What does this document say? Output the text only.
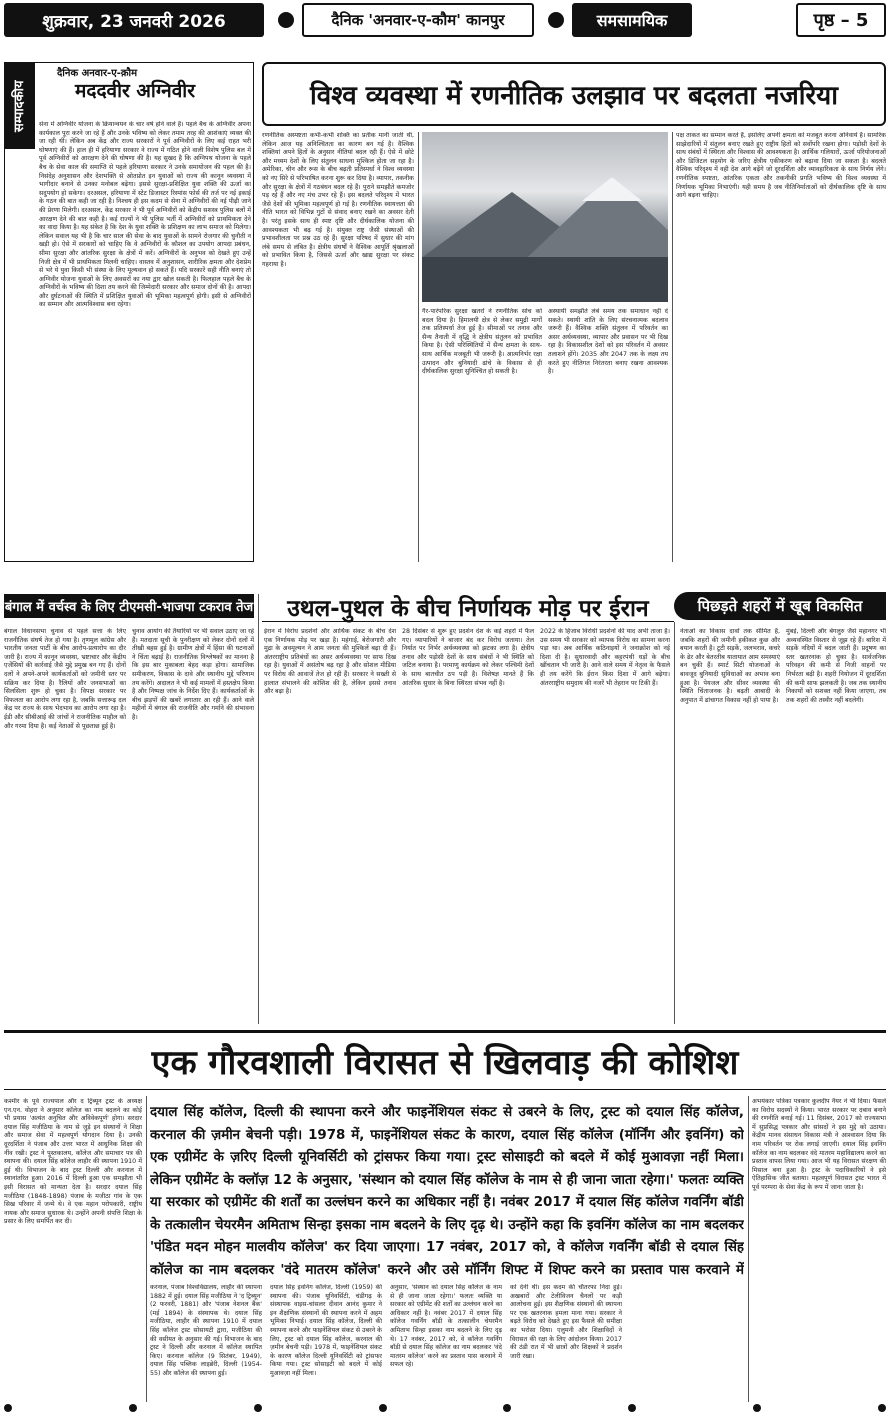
शुक्रवार, 23 जनवरी 2026	दैनिक 'अनवार-ए-कौम' कानपुर	समसामयिक	पृष्ठ – 5
सम्पादकीय
दैनिक अनवार-ए-क़ौम
मददवीर अग्निवीर
सेना में अग्निवीर योजना के क्रियान्वयन के चार वर्ष होने वाले हैं। पहले बैच के अग्निवीर अपना कार्यकाल पूरा करने जा रहे हैं और उनके भविष्य को लेकर तमाम तरह की आशंकाएं व्यक्त की जा रही थीं। लेकिन अब केंद्र और राज्य सरकारों ने पूर्व अग्निवीरों के लिए कई राहत भरी घोषणाएं की हैं। हाल ही में हरियाणा सरकार ने राज्य में गठित होने वाली विशेष पुलिस बल में पूर्व अग्निवीरों को आरक्षण देने की घोषणा की है। यह सुखद है कि अग्निपथ योजना के पहले बैच के सेवा काल की समाप्ति से पहले हरियाणा सरकार ने उनके समायोजन की पहल की है। निसंदेह अनुशासन और देशभक्ति से ओतप्रोत इन युवाओं को राज्य की कानून व्यवस्था में भागीदार बनाने से उनका मनोबल बढ़ेगा। इससे सुरक्षा-प्रशिक्षित युवा शक्ति की ऊर्जा का सदुपयोग हो सकेगा। दरअसल, हरियाणा में स्टेट डिजास्टर रिस्पांस फोर्स की तर्ज पर नई इकाई के गठन की बात कही जा रही है। निश्चय ही इस कदम से सेना में अग्निवीरों की नई पीढ़ी जाने की प्रेरणा मिलेगी। दरअसल, केंद्र सरकार ने भी पूर्व अग्निवीरों को केंद्रीय सशस्त्र पुलिस बलों में आरक्षण देने की बात कही है। कई राज्यों ने भी पुलिस भर्ती में अग्निवीरों को प्राथमिकता देने का वादा किया है। यह संकेत है कि देश के युवा शक्ति के प्रशिक्षण का लाभ समाज को मिलेगा। लेकिन सवाल यह भी है कि चार साल की सेवा के बाद युवाओं के सामने रोजगार की चुनौती न खड़ी हो। ऐसे में सरकारों को चाहिए कि वे अग्निवीरों के कौशल का उपयोग आपदा प्रबंधन, सीमा सुरक्षा और आंतरिक सुरक्षा के क्षेत्रों में करें। अग्निवीरों के अनुभव को देखते हुए उन्हें निजी क्षेत्र में भी प्राथमिकता मिलनी चाहिए। वास्तव में अनुशासन, शारीरिक क्षमता और देशप्रेम से भरे ये युवा किसी भी संस्था के लिए मूल्यवान हो सकते हैं। यदि सरकारें सही नीति बनाएं तो अग्निवीर योजना युवाओं के लिए अवसरों का नया द्वार खोल सकती है। फिलहाल पहले बैच के अग्निवीरों के भविष्य की दिशा तय करने की जिम्मेदारी सरकार और समाज दोनों की है। आपदा और दुर्घटनाओं की स्थिति में प्रशिक्षित युवाओं की भूमिका महत्वपूर्ण होगी। इसी से अग्निवीरों का सम्मान और आत्मविश्वास बना रहेगा।
विश्व व्यवस्था में रणनीतिक उलझाव पर बदलता नजरिया
रणनीतिक अस्पष्टता कभी-कभी शक्ति का प्रतीक मानी जाती थी, लेकिन आज यह अनिश्चितता का कारण बन गई है। वैश्विक शक्तियां अपने हितों के अनुसार नीतियां बदल रही हैं। ऐसे में छोटे और मध्यम देशों के लिए संतुलन साधना मुश्किल होता जा रहा है। अमेरिका, चीन और रूस के बीच बढ़ती प्रतिस्पर्धा ने विश्व व्यवस्था को नए सिरे से परिभाषित करना शुरू कर दिया है। व्यापार, तकनीक और सुरक्षा के क्षेत्रों में गठबंधन बदल रहे हैं। पुराने समझौते कमजोर पड़ रहे हैं और नए मंच उभर रहे हैं। इस बदलते परिदृश्य में भारत जैसे देशों की भूमिका महत्वपूर्ण हो गई है। रणनीतिक स्वायत्तता की नीति भारत को विभिन्न गुटों से संवाद बनाए रखने का अवसर देती है। परंतु इसके साथ ही स्पष्ट दृष्टि और दीर्घकालिक योजना की आवश्यकता भी बढ़ गई है। संयुक्त राष्ट्र जैसी संस्थाओं की प्रभावशीलता पर प्रश्न उठ रहे हैं। सुरक्षा परिषद में सुधार की मांग लंबे समय से लंबित है। क्षेत्रीय संघर्षों ने वैश्विक आपूर्ति श्रृंखलाओं को प्रभावित किया है, जिससे ऊर्जा और खाद्य सुरक्षा पर संकट गहराया है।
गैर-पारंपरिक सुरक्षा खतरों ने रणनीतिक सोच को बदल दिया है। हिमालयी क्षेत्र से लेकर समुद्री मार्गों तक प्रतिस्पर्धा तेज हुई है। सीमाओं पर तनाव और सैन्य तैनाती में वृद्धि ने क्षेत्रीय संतुलन को प्रभावित किया है। ऐसी परिस्थितियों में सैन्य क्षमता के साथ-साथ आर्थिक मजबूती भी जरूरी है। आत्मनिर्भर रक्षा उत्पादन और बुनियादी ढांचे के विकास से ही दीर्घकालिक सुरक्षा सुनिश्चित हो सकती है।
अस्थायी समझौते लंबे समय तक समाधान नहीं दे सकते। स्थायी शांति के लिए संरचनात्मक बदलाव जरूरी हैं। वैश्विक शक्ति संतुलन में परिवर्तन का असर अर्थव्यवस्था, व्यापार और प्रवासन पर भी दिख रहा है। विकासशील देशों को इस परिवर्तन में अवसर तलाशने होंगे। 2035 और 2047 तक के लक्ष्य तय करते हुए नीतिगत निरंतरता बनाए रखना आवश्यक है।
पक्ष ताकत का सम्मान करते हैं, इसलिए अपनी क्षमता को मजबूत करना अनिवार्य है। सामरिक साझेदारियों में संतुलन बनाए रखते हुए राष्ट्रीय हितों को सर्वोपरि रखना होगा। पड़ोसी देशों के साथ संबंधों में स्थिरता और विश्वास की आवश्यकता है। आर्थिक गलियारों, ऊर्जा परियोजनाओं और डिजिटल सहयोग के जरिए क्षेत्रीय एकीकरण को बढ़ावा दिया जा सकता है। बदलते वैश्विक परिदृश्य में वही देश आगे बढ़ेंगे जो दूरदर्शिता और व्यावहारिकता के साथ निर्णय लेंगे। रणनीतिक स्पष्टता, आंतरिक एकता और तकनीकी प्रगति भविष्य की विश्व व्यवस्था में निर्णायक भूमिका निभाएंगी। यही समय है जब नीतिनिर्माताओं को दीर्घकालिक दृष्टि के साथ आगे बढ़ना चाहिए।
बंगाल में वर्चस्व के लिए टीएमसी-भाजपा टकराव तेज	उथल-पुथल के बीच निर्णायक मोड़ पर ईरान	पिछड़ते शहरों में खूब विकसित
बंगाल विधानसभा चुनाव से पहले सत्ता के लिए राजनीतिक संघर्ष तेज हो गया है। तृणमूल कांग्रेस और भारतीय जनता पार्टी के बीच आरोप-प्रत्यारोप का दौर जारी है। राज्य में कानून व्यवस्था, भ्रष्टाचार और केंद्रीय एजेंसियों की कार्रवाई जैसे मुद्दे प्रमुख बन गए हैं। दोनों दलों ने अपने-अपने कार्यकर्ताओं को जमीनी स्तर पर सक्रिय कर दिया है। रैलियों और जनसभाओं का सिलसिला शुरू हो चुका है। विपक्ष सरकार पर विफलता का आरोप लगा रहा है, जबकि सत्तारूढ़ दल केंद्र पर राज्य के साथ भेदभाव का आरोप लगा रहा है। ईडी और सीबीआई की जांचों ने राजनीतिक माहौल को और गरमा दिया है। कई नेताओं से पूछताछ हुई है।
चुनाव आयोग की तैयारियों पर भी सवाल उठाए जा रहे हैं। मतदाता सूची के पुनरीक्षण को लेकर दोनों दलों में तीखी बहस हुई है। ग्रामीण क्षेत्रों में हिंसा की घटनाओं ने चिंता बढ़ाई है। राजनीतिक विश्लेषकों का मानना है कि इस बार मुकाबला बेहद कड़ा होगा। सामाजिक समीकरण, विकास के दावे और स्थानीय मुद्दे परिणाम तय करेंगे। अदालत ने भी कई मामलों में हस्तक्षेप किया है और निष्पक्ष जांच के निर्देश दिए हैं। कार्यकर्ताओं के बीच झड़पों की खबरें लगातार आ रही हैं। आने वाले महीनों में बंगाल की राजनीति और गर्माने की संभावना है।
ईरान में विरोध प्रदर्शनों और आर्थिक संकट के बीच देश एक निर्णायक मोड़ पर खड़ा है। महंगाई, बेरोजगारी और मुद्रा के अवमूल्यन ने आम जनता की मुश्किलें बढ़ा दी हैं। अंतरराष्ट्रीय प्रतिबंधों का असर अर्थव्यवस्था पर साफ दिख रहा है। युवाओं में असंतोष बढ़ रहा है और सोशल मीडिया पर विरोध की आवाजें तेज हो रही हैं। सरकार ने सख्ती से हालात संभालने की कोशिश की है, लेकिन इससे तनाव और बढ़ा है।
28 दिसंबर से शुरू हुए प्रदर्शन देश के कई शहरों में फैल गए। व्यापारियों ने बाजार बंद कर विरोध जताया। तेल निर्यात पर निर्भर अर्थव्यवस्था को झटका लगा है। क्षेत्रीय तनाव और पड़ोसी देशों के साथ संबंधों ने भी स्थिति को जटिल बनाया है। परमाणु कार्यक्रम को लेकर पश्चिमी देशों के साथ बातचीत ठप पड़ी है। विशेषज्ञ मानते हैं कि आंतरिक सुधार के बिना स्थिरता संभव नहीं है।
2022 के हिजाब विरोधी प्रदर्शनों की याद अभी ताजा है। उस समय भी सरकार को व्यापक विरोध का सामना करना पड़ा था। अब आर्थिक कठिनाइयों ने जनाक्रोश को नई दिशा दी है। सुधारवादी और कट्टरपंथी धड़ों के बीच खींचतान भी जारी है। आने वाले समय में नेतृत्व के फैसले ही तय करेंगे कि ईरान किस दिशा में आगे बढ़ेगा। अंतरराष्ट्रीय समुदाय की नजरें भी तेहरान पर टिकी हैं।
नेताओं का विकास दावों तक सीमित है, जबकि शहरों की जमीनी हकीकत कुछ और बयान करती है। टूटी सड़कें, जलभराव, कचरे के ढेर और बेतरतीब यातायात आम समस्याएं बन चुकी हैं। स्मार्ट सिटी योजनाओं के बावजूद बुनियादी सुविधाओं का अभाव बना हुआ है। पेयजल और सीवर व्यवस्था की स्थिति चिंताजनक है। बढ़ती आबादी के अनुपात में ढांचागत विकास नहीं हो पाया है।
मुंबई, दिल्ली और बेंगलुरु जैसे महानगर भी अव्यवस्थित विस्तार से जूझ रहे हैं। बारिश में सड़कें नदियों में बदल जाती हैं। प्रदूषण का स्तर खतरनाक हो चुका है। सार्वजनिक परिवहन की कमी से निजी वाहनों पर निर्भरता बढ़ी है। शहरी नियोजन में दूरदर्शिता की कमी साफ झलकती है। जब तक स्थानीय निकायों को सशक्त नहीं किया जाएगा, तब तक शहरों की तस्वीर नहीं बदलेगी।
एक गौरवशाली विरासत से खिलवाड़ की कोशिश
कश्मीर के पूर्व राज्यपाल और द ट्रिब्यून ट्रस्ट के अध्यक्ष एन.एन. वोहरा ने अनुसार कॉलेज का नाम बदलने का कोई भी प्रयास 'अत्यंत अनुचित और अविवेकपूर्ण' होगा। सरदार दयाल सिंह मजीठिया के नाम से जुड़े इन संस्थानों ने शिक्षा और समाज सेवा में महत्वपूर्ण योगदान दिया है। उनकी दूरदर्शिता ने पंजाब और उत्तर भारत में आधुनिक शिक्षा की नींव रखी। ट्रस्ट ने पुस्तकालय, कॉलेज और समाचार पत्र की स्थापना की। दयाल सिंह कॉलेज लाहौर की स्थापना 1910 में हुई थी। विभाजन के बाद ट्रस्ट दिल्ली और करनाल में स्थानांतरित हुआ। 2016 में दिल्ली हुआ एक समझौता भी इसी विरासत को मान्यता देता है। सरदार दयाल सिंह मजीठिया (1848-1898) पंजाब के मजीठा गांव के एक सिख परिवार में जन्मे थे। वे एक महान परोपकारी, राष्ट्रीय नायक और समाज सुधारक थे। उन्होंने अपनी संपत्ति शिक्षा के प्रसार के लिए समर्पित कर दी।
दयाल सिंह कॉलेज, दिल्ली की स्थापना करने और फाइनेंशियल संकट से उबरने के लिए, ट्रस्ट को दयाल सिंह कॉलेज, करनाल की ज़मीन बेचनी पड़ी। 1978 में, फाइनेंशियल संकट के कारण, दयाल सिंह कॉलेज (मॉर्निंग और इवनिंग) को एक एग्रीमेंट के ज़रिए दिल्ली यूनिवर्सिटी को ट्रांसफर किया गया। ट्रस्ट सोसाइटी को बदले में कोई मुआवज़ा नहीं मिला। लेकिन एग्रीमेंट के क्लॉज़ 12 के अनुसार, 'संस्थान को दयाल सिंह कॉलेज के नाम से ही जाना जाता रहेगा।' फलतः व्यक्ति या सरकार को एग्रीमेंट की शर्तों का उल्लंघन करने का अधिकार नहीं है। नवंबर 2017 में दयाल सिंह कॉलेज गवर्निंग बॉडी के तत्कालीन चेयरमैन अमिताभ सिन्हा इसका नाम बदलने के लिए दृढ़ थे। उन्होंने कहा कि इवनिंग कॉलेज का नाम बदलकर 'पंडित मदन मोहन मालवीय कॉलेज' कर दिया जाएगा। 17 नवंबर, 2017 को, वे कॉलेज गवर्निंग बॉडी से दयाल सिंह कॉलेज का नाम बदलकर 'वंदे मातरम कॉलेज' करने और उसे मॉर्निंग शिफ्ट में शिफ्ट करने का प्रस्ताव पास करवाने में
करनाल, पंजाब विश्वविद्यालय, लाहौर की स्थापना 1882 में हुई। दयाल सिंह मजीठिया ने 'द ट्रिब्यून' (2 फरवरी, 1881) और 'पंजाब नेशनल बैंक' (मई 1894) के संस्थापक थे। दयाल सिंह मजीठिया, लाहौर की स्थापना 1910 में दयाल सिंह कॉलेज ट्रस्ट सोसायटी द्वारा, मजीठिया की की वसीयत के अनुसार की गई। विभाजन के बाद ट्रस्ट ने दिल्ली और करनाल में कॉलेज स्थापित किए। करनाल कॉलेज (9 सितंबर, 1949), दयाल सिंह पब्लिक लाइब्रेरी, दिल्ली (1954-55) और कॉलेज की स्थापना हुई।
दयाल सिंह इवनिंग कॉलेज, दिल्ली (1959) की स्थापना की। पंजाब यूनिवर्सिटी, चंडीगढ़ के संस्थापक वाइस-चांसलर दीवान आनंद कुमार ने इन शैक्षणिक संस्थानों की स्थापना करने में अहम भूमिका निभाई। दयाल सिंह कॉलेज, दिल्ली की स्थापना करने और फाइनेंशियल संकट से उबरने के लिए, ट्रस्ट को दयाल सिंह कॉलेज, करनाल की ज़मीन बेचनी पड़ी। 1978 में, फाइनेंशियल संकट के कारण कॉलेज दिल्ली यूनिवर्सिटी को ट्रांसफर किया गया। ट्रस्ट सोसाइटी को बदले में कोई मुआवज़ा नहीं मिला।
अनुसार, 'संस्थान को दयाल सिंह कॉलेज के नाम से ही जाना जाता रहेगा।' फलतः व्यक्ति या सरकार को एग्रीमेंट की शर्तों का उल्लंघन करने का अधिकार नहीं है। नवंबर 2017 में दयाल सिंह कॉलेज गवर्निंग बॉडी के तत्कालीन चेयरमैन अमिताभ सिन्हा इसका नाम बदलने के लिए दृढ़ थे। 17 नवंबर, 2017 को, वे कॉलेज गवर्निंग बॉडी से दयाल सिंह कॉलेज का नाम बदलकर 'वंदे मातरम कॉलेज' करने का प्रस्ताव पास करवाने में सफल रहे।
को देनी थी। इस कदम की चौतरफा निंदा हुई। अखबारों और टेलीविजन चैनलों पर कड़ी आलोचना हुई। इस शैक्षणिक संस्थानों की स्थापना पर एक खतरनाक हमला माना गया। सरकार ने बढ़ते विरोध को देखते हुए इस फैसले की समीक्षा का भरोसा दिया। एलुमनी और शिक्षाविदों ने विरासत की रक्षा के लिए आंदोलन किया। 2017 की ठंडी रात में भी छात्रों और शिक्षकों ने प्रदर्शन जारी रखा।
अभयंकार पत्रिका पत्रकार कुलदीप नैयर ने भी दिया। फैसले का विरोध सदस्यों ने किया। भारत सरकार पर दबाव बनाने की रणनीति बनाई गई। 11 दिसंबर, 2017 को राज्यसभा में सुप्रसिद्ध पत्रकार और सांसदों ने इस मुद्दे को उठाया। केंद्रीय मानव संसाधन विकास मंत्री ने आश्वासन दिया कि नाम परिवर्तन पर रोक लगाई जाएगी। दयाल सिंह इवनिंग कॉलेज का नाम बदलकर वंदे मातरम महाविद्यालय करने का प्रस्ताव वापस लिया गया। आज भी यह विरासत संरक्षण की मिसाल बना हुआ है। ट्रस्ट के पदाधिकारियों ने इसे ऐतिहासिक जीत बताया। महत्वपूर्ण विरासत ट्रस्ट भारत में पूर्व परम्परा के सेवा केंद्र के रूप में जाना जाता है।
